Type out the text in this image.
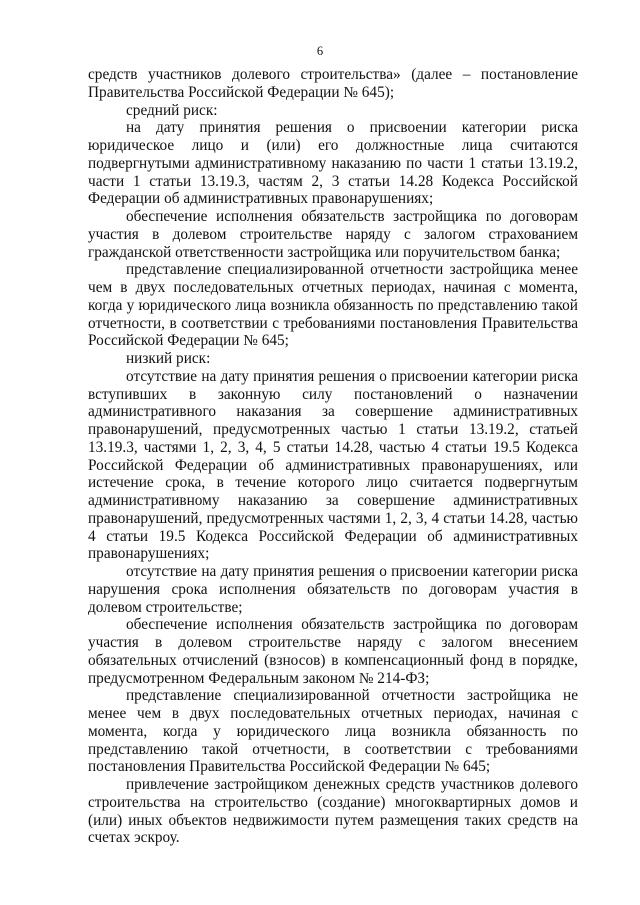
6

средств участников долевого строительства» (далее – постановление Правительства Российской Федерации № 645);

средний риск:

на дату принятия решения о присвоении категории риска юридическое лицо и (или) его должностные лица считаются подвергнутыми административному наказанию по части 1 статьи 13.19.2, части 1 статьи 13.19.3, частям 2, 3 статьи 14.28 Кодекса Российской Федерации об административных правонарушениях;

обеспечение исполнения обязательств застройщика по договорам участия в долевом строительстве наряду с залогом страхованием гражданской ответственности застройщика или поручительством банка;

представление специализированной отчетности застройщика менее чем в двух последовательных отчетных периодах, начиная с момента, когда у юридического лица возникла обязанность по представлению такой отчетности, в соответствии с требованиями постановления Правительства Российской Федерации № 645;

низкий риск:

отсутствие на дату принятия решения о присвоении категории риска вступивших в законную силу постановлений о назначении административного наказания за совершение административных правонарушений, предусмотренных частью 1 статьи 13.19.2, статьей 13.19.3, частями 1, 2, 3, 4, 5 статьи 14.28, частью 4 статьи 19.5 Кодекса Российской Федерации об административных правонарушениях, или истечение срока, в течение которого лицо считается подвергнутым административному наказанию за совершение административных правонарушений, предусмотренных частями 1, 2, 3, 4 статьи 14.28, частью 4 статьи 19.5 Кодекса Российской Федерации об административных правонарушениях;

отсутствие на дату принятия решения о присвоении категории риска нарушения срока исполнения обязательств по договорам участия в долевом строительстве;

обеспечение исполнения обязательств застройщика по договорам участия в долевом строительстве наряду с залогом внесением обязательных отчислений (взносов) в компенсационный фонд в порядке, предусмотренном Федеральным законом № 214-ФЗ;

представление специализированной отчетности застройщика не менее чем в двух последовательных отчетных периодах, начиная с момента, когда у юридического лица возникла обязанность по представлению такой отчетности, в соответствии с требованиями постановления Правительства Российской Федерации № 645;

привлечение застройщиком денежных средств участников долевого строительства на строительство (создание) многоквартирных домов и (или) иных объектов недвижимости путем размещения таких средств на счетах эскроу.
